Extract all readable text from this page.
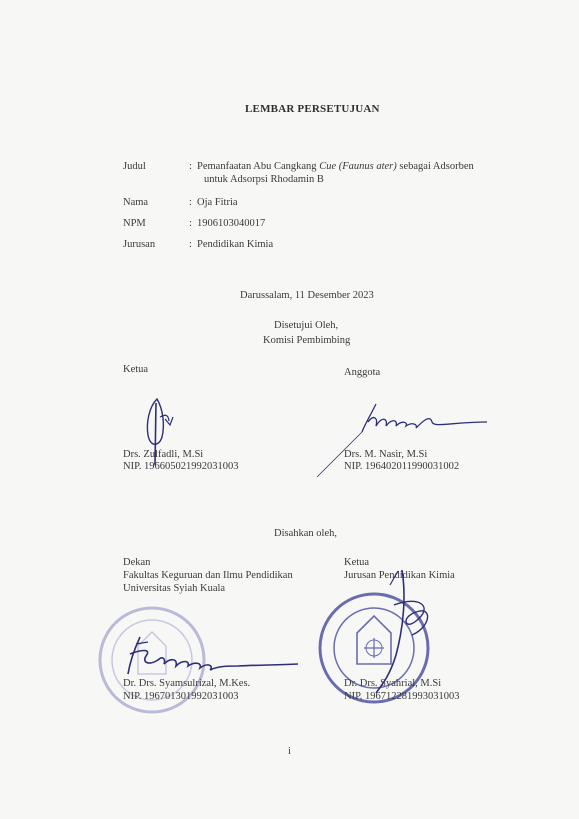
LEMBAR PERSETUJUAN
Judul	: Pemanfaatan Abu Cangkang Cue (Faunus ater) sebagai Adsorben
untuk Adsorpsi Rhodamin B
Nama	: Oja Fitria
NPM	: 1906103040017
Jurusan	: Pendidikan Kimia
Darussalam, 11 Desember 2023
Disetujui Oleh,
Komisi Pembimbing
Ketua	Anggota
Drs. Zulfadli, M.Si
NIP. 196605021992031003
Drs. M. Nasir, M.Si
NIP. 196402011990031002
Disahkan oleh,
Dekan
Fakultas Keguruan dan Ilmu Pendidikan
Universitas Syiah Kuala
Ketua
Jurusan Pendidikan Kimia
Dr. Drs. Syamsulrizal, M.Kes.
NIP. 196701301992031003
Dr. Drs. Syahrial, M.Si
NIP. 196712281993031003
i
